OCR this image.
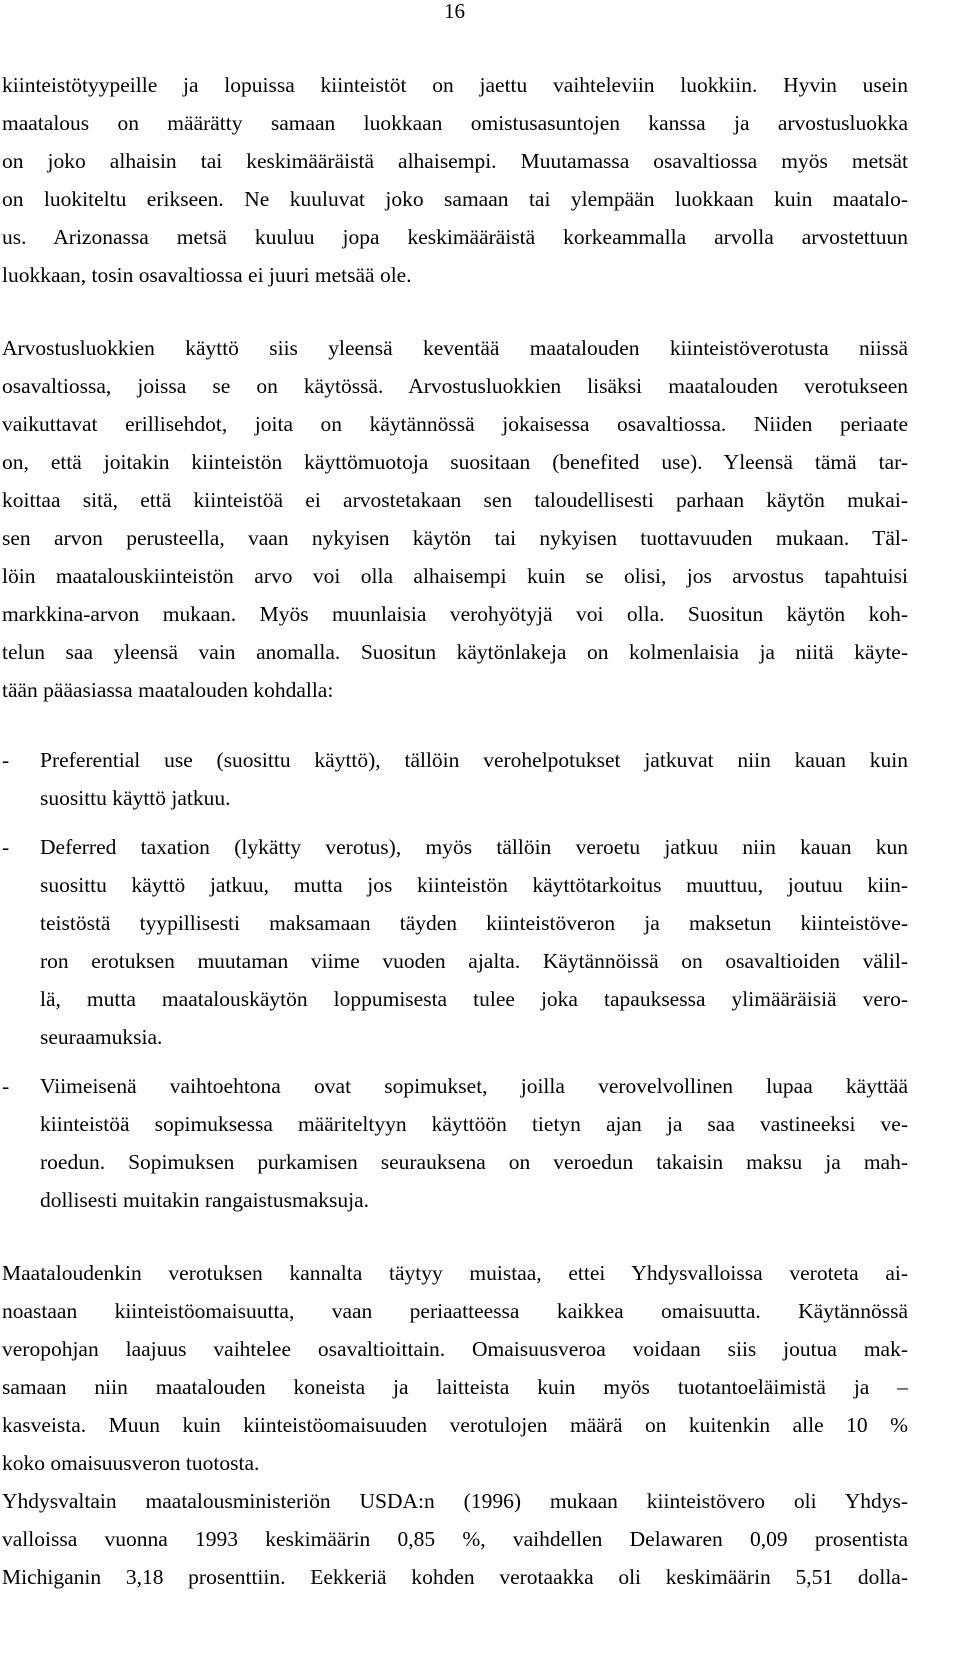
16

kiinteistötyypeille ja lopuissa kiinteistöt on jaettu vaihteleviin luokkiin. Hyvin usein

maatalous on määrätty samaan luokkaan omistusasuntojen kanssa ja arvostusluokka

on joko alhaisin tai keskimääräistä alhaisempi. Muutamassa osavaltiossa myös metsät

on luokiteltu erikseen. Ne kuuluvat joko samaan tai ylempään luokkaan kuin maatalo-

us. Arizonassa metsä kuuluu jopa keskimääräistä korkeammalla arvolla arvostettuun

luokkaan, tosin osavaltiossa ei juuri metsää ole.

Arvostusluokkien käyttö siis yleensä keventää maatalouden kiinteistöverotusta niissä

osavaltiossa, joissa se on käytössä. Arvostusluokkien lisäksi maatalouden verotukseen

vaikuttavat erillisehdot, joita on käytännössä jokaisessa osavaltiossa. Niiden periaate

on, että joitakin kiinteistön käyttömuotoja suositaan (benefited use). Yleensä tämä tar-

koittaa sitä, että kiinteistöä ei arvostetakaan sen taloudellisesti parhaan käytön mukai-

sen arvon perusteella, vaan nykyisen käytön tai nykyisen tuottavuuden mukaan. Täl-

löin maatalouskiinteistön arvo voi olla alhaisempi kuin se olisi, jos arvostus tapahtuisi

markkina-arvon mukaan. Myös muunlaisia verohyötyjä voi olla. Suositun käytön koh-

telun saa yleensä vain anomalla. Suositun käytönlakeja on kolmenlaisia ja niitä käyte-

tään pääasiassa maatalouden kohdalla:

- Preferential use (suosittu käyttö), tällöin verohelpotukset jatkuvat niin kauan kuin

suosittu käyttö jatkuu.

- Deferred taxation (lykätty verotus), myös tällöin veroetu jatkuu niin kauan kun

suosittu käyttö jatkuu, mutta jos kiinteistön käyttötarkoitus muuttuu, joutuu kiin-

teistöstä tyypillisesti maksamaan täyden kiinteistöveron ja maksetun kiinteistöve-

ron erotuksen muutaman viime vuoden ajalta. Käytännöissä on osavaltioiden välil-

lä, mutta maatalouskäytön loppumisesta tulee joka tapauksessa ylimääräisiä vero-

seuraamuksia.

- Viimeisenä vaihtoehtona ovat sopimukset, joilla verovelvollinen lupaa käyttää

kiinteistöä sopimuksessa määriteltyyn käyttöön tietyn ajan ja saa vastineeksi ve-

roedun. Sopimuksen purkamisen seurauksena on veroedun takaisin maksu ja mah-

dollisesti muitakin rangaistusmaksuja.

Maataloudenkin verotuksen kannalta täytyy muistaa, ettei Yhdysvalloissa veroteta ai-

noastaan kiinteistöomaisuutta, vaan periaatteessa kaikkea omaisuutta. Käytännössä

veropohjan laajuus vaihtelee osavaltioittain. Omaisuusveroa voidaan siis joutua mak-

samaan niin maatalouden koneista ja laitteista kuin myös tuotantoeläimistä ja –

kasveista. Muun kuin kiinteistöomaisuuden verotulojen määrä on kuitenkin alle 10 %

koko omaisuusveron tuotosta.

Yhdysvaltain maatalousministeriön USDA:n (1996) mukaan kiinteistövero oli Yhdys-

valloissa vuonna 1993 keskimäärin 0,85 %, vaihdellen Delawaren 0,09 prosentista

Michiganin 3,18 prosenttiin. Eekkeriä kohden verotaakka oli keskimäärin 5,51 dolla-
